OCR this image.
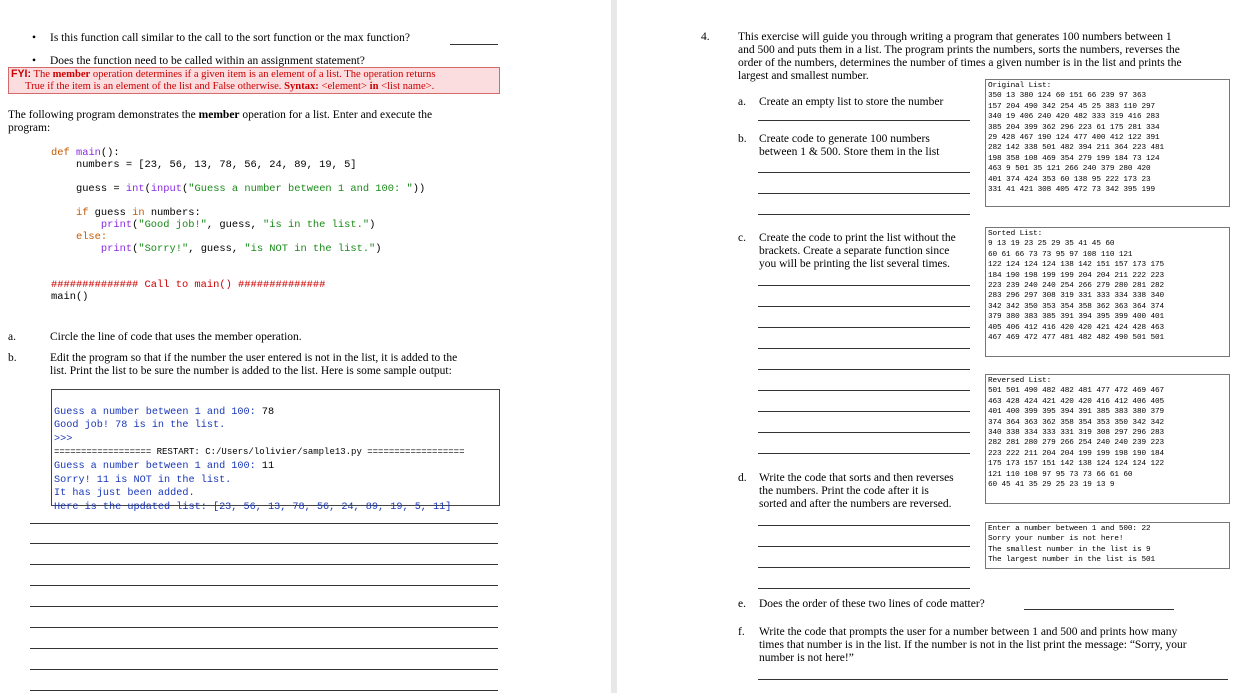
Is this function call similar to the call to the sort function or the max function?
Does the function need to be called within an assignment statement?
FYI: The member operation determines if a given item is an element of a list. The operation returns
True if the item is an element of the list and False otherwise. Syntax: <element> in <list name>.
The following program demonstrates the member operation for a list. Enter and execute the
program:

def main():
numbers = [23, 56, 13, 78, 56, 24, 89, 19, 5]

guess = int(input("Guess a number between 1 and 100: "))

if guess in numbers:
print("Good job!", guess, "is in the list.")
else:
print("Sorry!", guess, "is NOT in the list.")

############## Call to main() ##############
main()

a.	Circle the line of code that uses the member operation.
b.	Edit the program so that if the number the user entered is not in the list, it is added to the
list. Print the list to be sure the number is added to the list. Here is some sample output:

Guess a number between 1 and 100: 78
Good job! 78 is in the list.
>>>
================== RESTART: C:/Users/lolivier/sample13.py ==================
Guess a number between 1 and 100: 11
Sorry! 11 is NOT in the list.
It has just been added.
Here is the updated list: [23, 56, 13, 78, 56, 24, 89, 19, 5, 11]
4. This exercise will guide you through writing a program that generates 100 numbers between 1
and 500 and puts them in a list. The program prints the numbers, sorts the numbers, reverses the
order of the numbers, determines the number of times a given number is in the list and prints the
largest and smallest number.
a. Create an empty list to store the number
b. Create code to generate 100 numbers
between 1 & 500. Store them in the list
c. Create the code to print the list without the
brackets. Create a separate function since
you will be printing the list several times.
d. Write the code that sorts and then reverses
the numbers. Print the code after it is
sorted and after the numbers are reversed.
e. Does the order of these two lines of code matter?
f. Write the code that prompts the user for a number between 1 and 500 and prints how many
times that number is in the list. If the number is not in the list print the message: “Sorry, your
number is not here!”
Original List:
350 13 380 124 60 151 66 239 97 363
157 204 490 342 254 45 25 383 110 297
340 19 406 240 420 482 333 319 416 283
385 204 399 362 296 223 61 175 281 334
29 428 467 190 124 477 400 412 122 391
282 142 338 501 482 394 211 364 223 481
198 358 108 469 354 279 199 184 73 124
463 9 501 35 121 266 240 379 280 420
401 374 424 353 60 138 95 222 173 23
331 41 421 308 405 472 73 342 395 199
Sorted List:
9 13 19 23 25 29 35 41 45 60
60 61 66 73 73 95 97 108 110 121
122 124 124 124 138 142 151 157 173 175
184 190 198 199 199 204 204 211 222 223
223 239 240 240 254 266 279 280 281 282
283 296 297 308 319 331 333 334 338 340
342 342 350 353 354 358 362 363 364 374
379 380 383 385 391 394 395 399 400 401
405 406 412 416 420 420 421 424 428 463
467 469 472 477 481 482 482 490 501 501
Reversed List:
501 501 490 482 482 481 477 472 469 467
463 428 424 421 420 420 416 412 406 405
401 400 399 395 394 391 385 383 380 379
374 364 363 362 358 354 353 350 342 342
340 338 334 333 331 319 308 297 296 283
282 281 280 279 266 254 240 240 239 223
223 222 211 204 204 199 199 198 190 184
175 173 157 151 142 138 124 124 124 122
121 110 108 97 95 73 73 66 61 60
60 45 41 35 29 25 23 19 13 9
Enter a number between 1 and 500: 22
Sorry your number is not here!
The smallest number in the list is 9
The largest number in the list is 501
